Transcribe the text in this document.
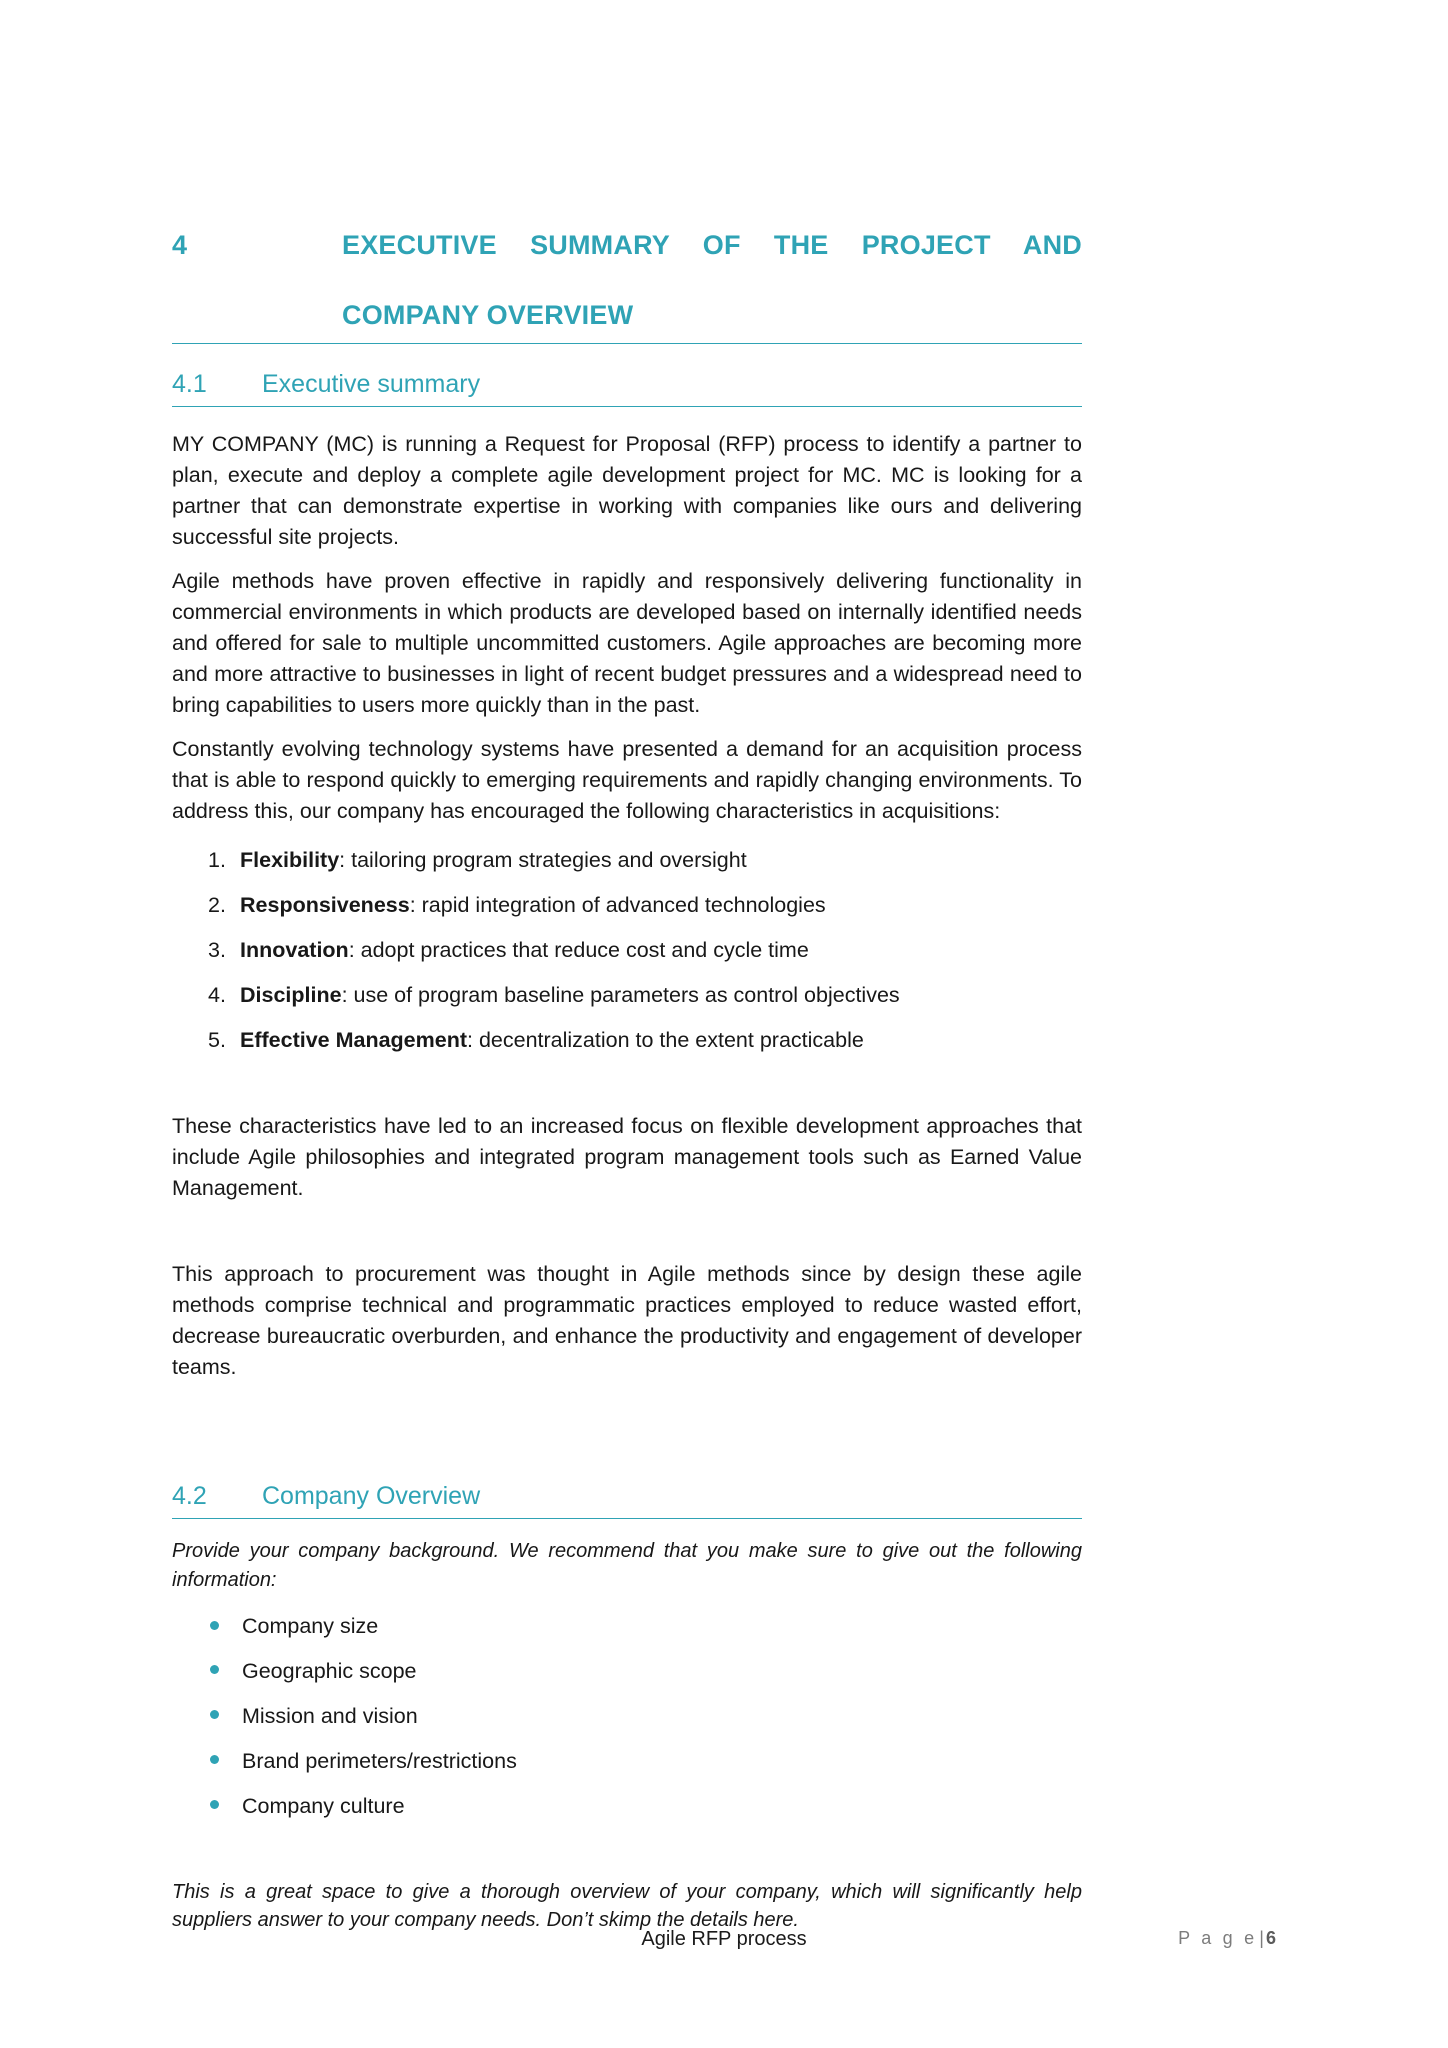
4	EXECUTIVE SUMMARY OF THE PROJECT AND
COMPANY OVERVIEW
4.1	Executive summary

MY COMPANY (MC) is running a Request for Proposal (RFP) process to identify a partner to plan, execute and deploy a complete agile development project for MC. MC is looking for a partner that can demonstrate expertise in working with companies like ours and delivering successful site projects.

Agile methods have proven effective in rapidly and responsively delivering functionality in commercial environments in which products are developed based on internally identified needs and offered for sale to multiple uncommitted customers. Agile approaches are becoming more and more attractive to businesses in light of recent budget pressures and a widespread need to bring capabilities to users more quickly than in the past.

Constantly evolving technology systems have presented a demand for an acquisition process that is able to respond quickly to emerging requirements and rapidly changing environments. To address this, our company has encouraged the following characteristics in acquisitions:

1. Flexibility: tailoring program strategies and oversight
2. Responsiveness: rapid integration of advanced technologies
3. Innovation: adopt practices that reduce cost and cycle time
4. Discipline: use of program baseline parameters as control objectives
5. Effective Management: decentralization to the extent practicable

These characteristics have led to an increased focus on flexible development approaches that include Agile philosophies and integrated program management tools such as Earned Value Management.

This approach to procurement was thought in Agile methods since by design these agile methods comprise technical and programmatic practices employed to reduce wasted effort, decrease bureaucratic overburden, and enhance the productivity and engagement of developer teams.

4.2	Company Overview

Provide your company background. We recommend that you make sure to give out the following information:

Company size
Geographic scope
Mission and vision
Brand perimeters/restrictions
Company culture

This is a great space to give a thorough overview of your company, which will significantly help suppliers answer to your company needs. Don’t skimp the details here.

Agile RFP process	P a g e | 6
